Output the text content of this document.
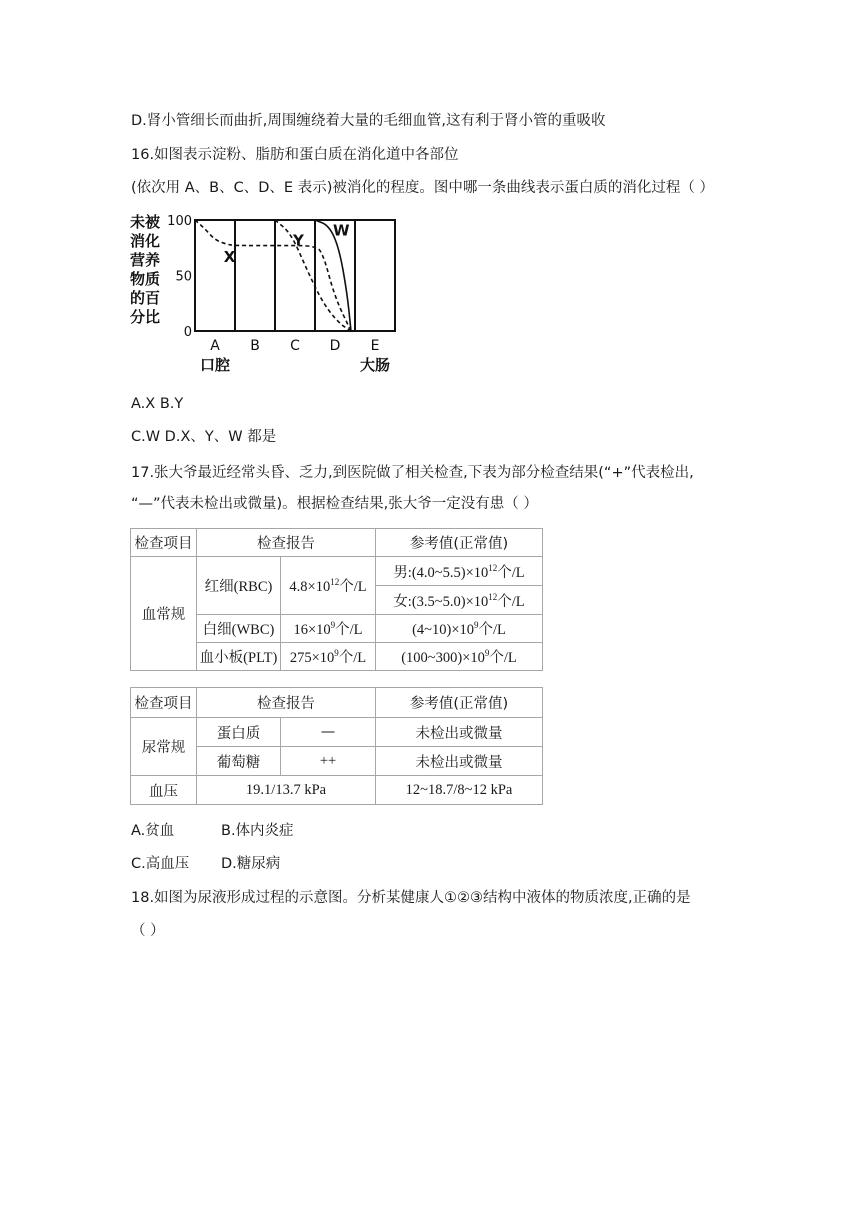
D.肾小管细长而曲折,周围缠绕着大量的毛细血管,这有利于肾小管的重吸收
16.如图表示淀粉、脂肪和蛋白质在消化道中各部位
(依次用 A、B、C、D、E 表示)被消化的程度。图中哪一条曲线表示蛋白质的消化过程（ ）
未被
消化
营养
物质
的百
分比
100
50
0
X
Y
W
A
口腔
B C D E
大肠
A.X B.Y
C.W D.X、Y、W 都是
17.张大爷最近经常头昏、乏力,到医院做了相关检查,下表为部分检查结果(“+”代表检出,
“—”代表未检出或微量)。根据检查结果,张大爷一定没有患（ ）
检查项目	检查报告		参考值(正常值)
血常规	红细(RBC)	$4.8\times 10^{12}$个/L	男$:(4.0\sim 5.5)\times 10^{12}$个/L
			女$:(3.5\sim 5.0)\times 10^{12}$个/L
	白细(WBC)	$16\times 10^9$个/L	$(4\sim 10)\times 10^9$个/L
	血小板(PLT)	$275\times 10^9$个/L	$(100\sim 300)\times 10^9$个/L
检查项目	检查报告		参考值(正常值)
尿常规	蛋白质	—	未检出或微量
	葡萄糖	++	未检出或微量
血压	19.1/13.7 kPa		12~18.7/8~12 kPa
A.贫血	B.体内炎症
C.高血压 D.糖尿病
18.如图为尿液形成过程的示意图。分析某健康人①②③结构中液体的物质浓度,正确的是
（ ）
